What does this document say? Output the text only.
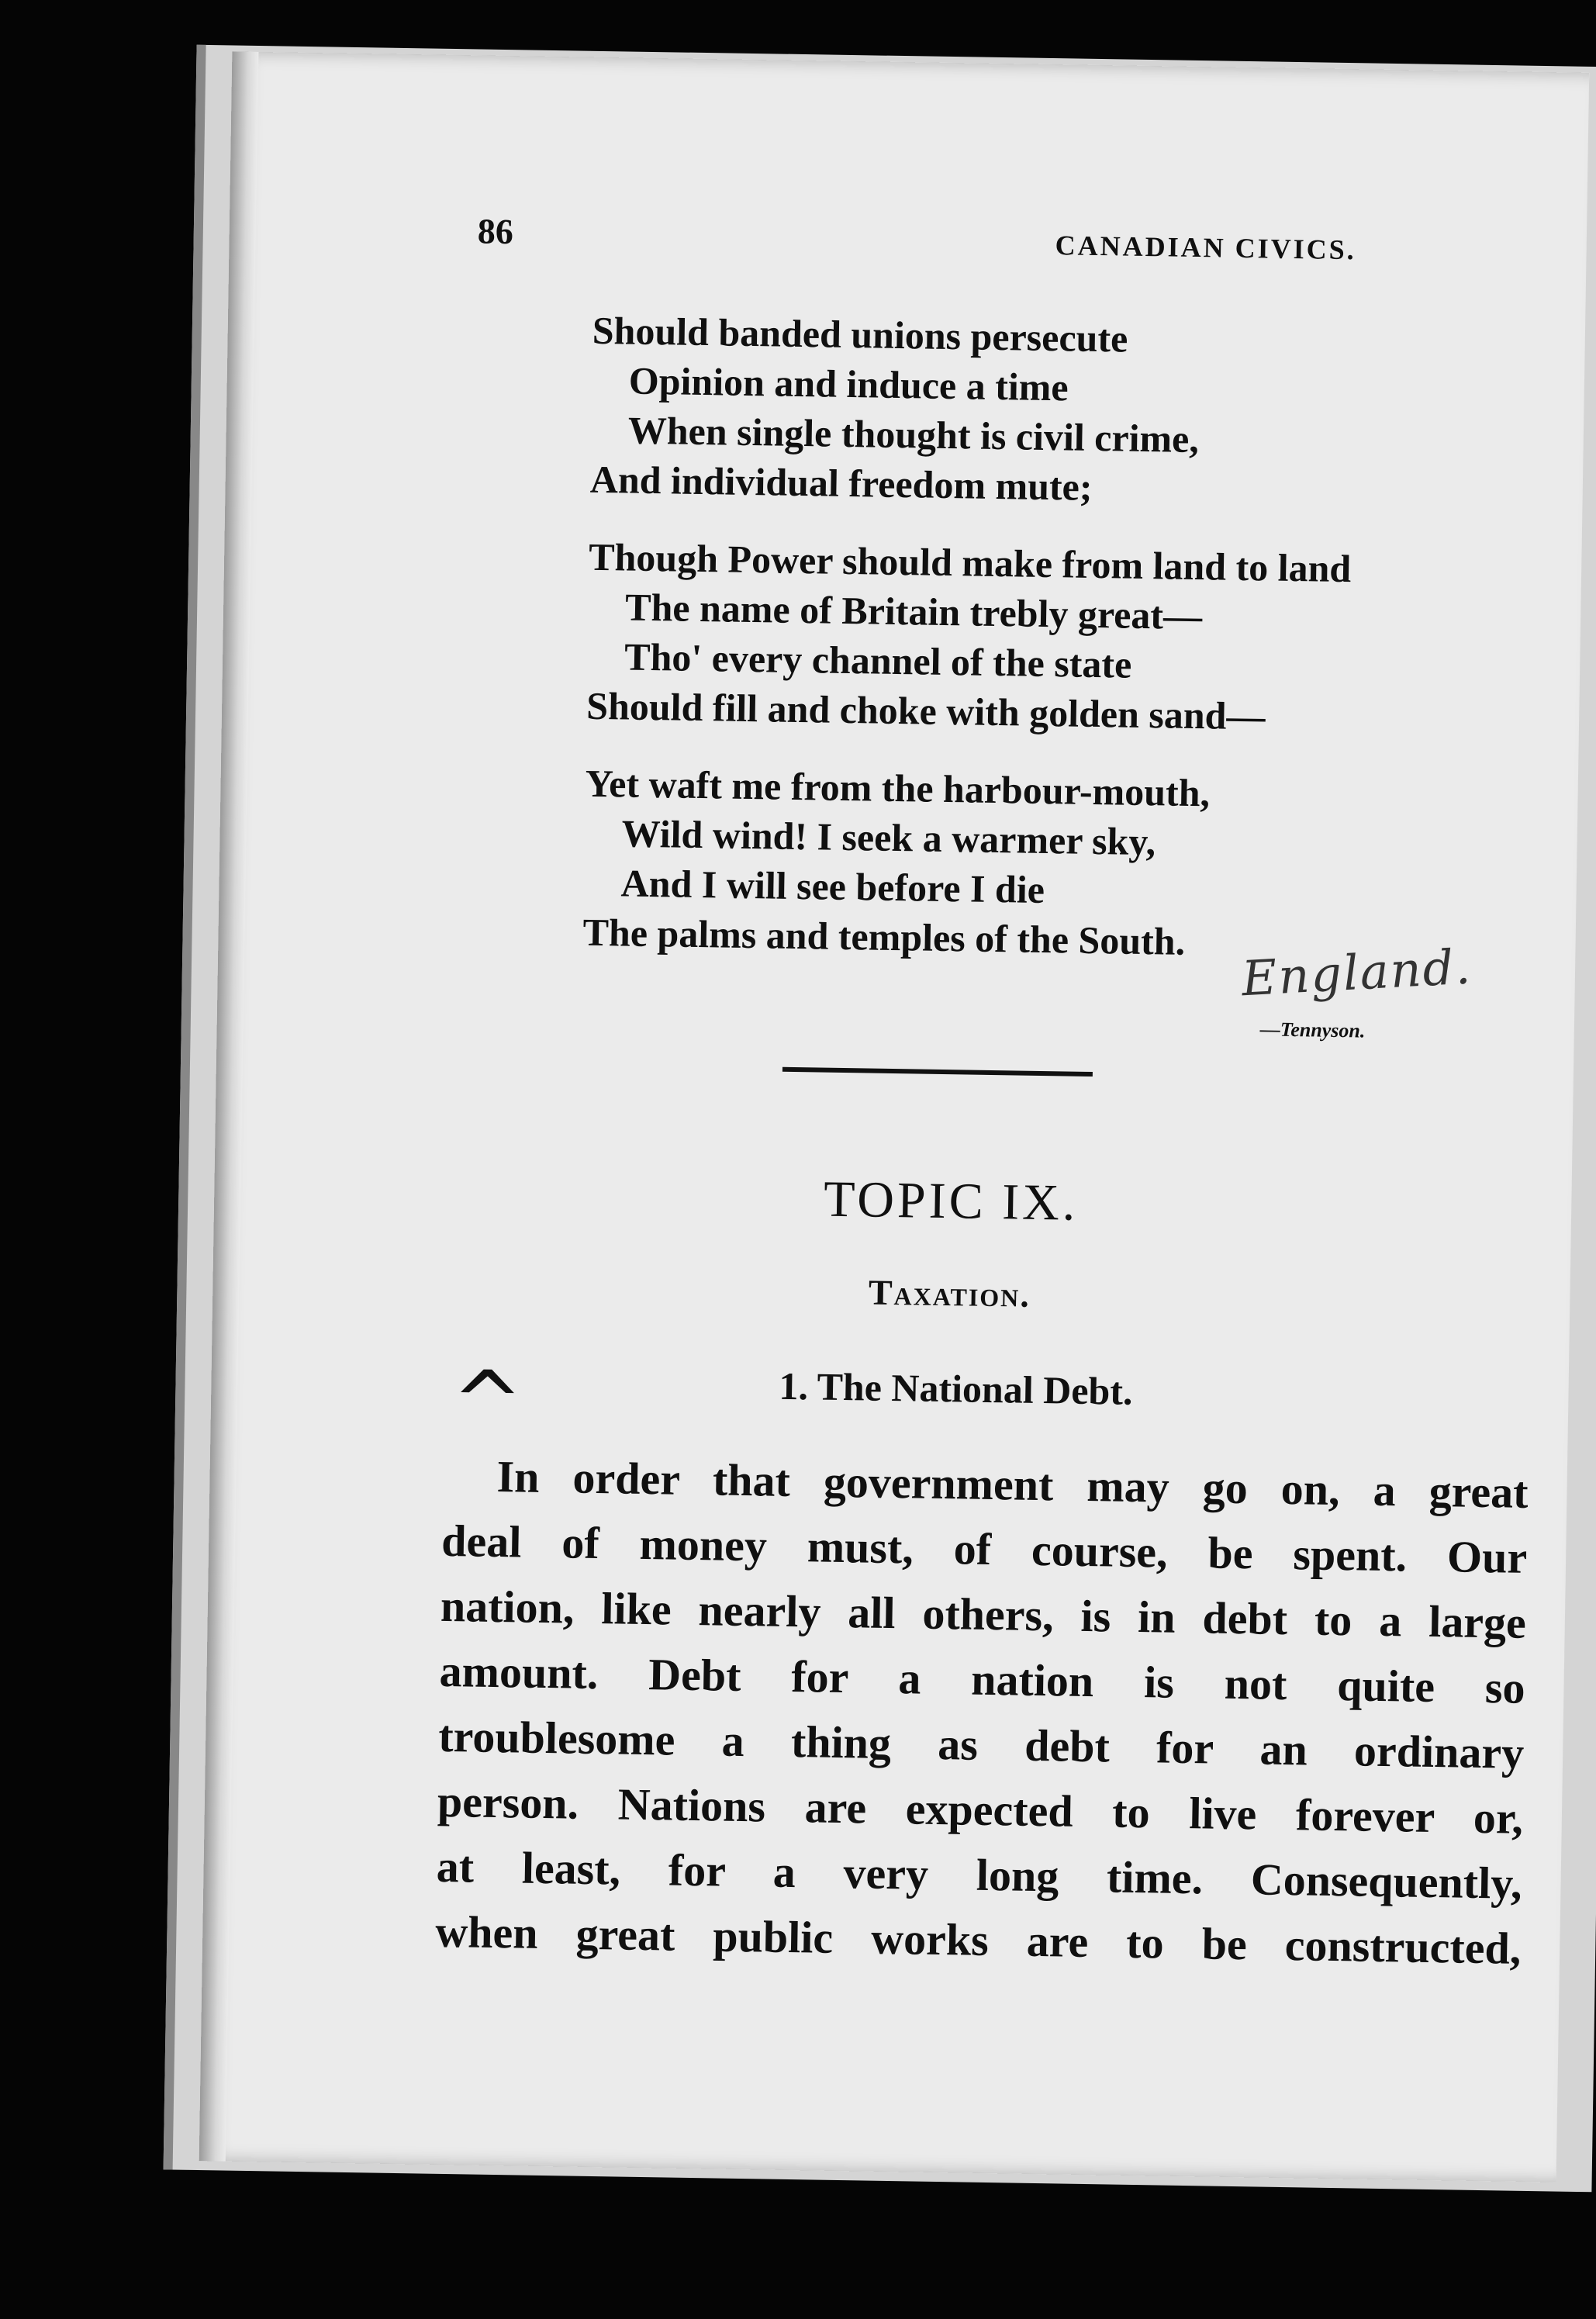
86	CANADIAN CIVICS.
Should banded unions persecute
Opinion and induce a time
When single thought is civil crime,
And individual freedom mute;
Though Power should make from land to land
The name of Britain trebly great—
Tho' every channel of the state
Should fill and choke with golden sand—
Yet waft me from the harbour-mouth,
Wild wind! I seek a warmer sky,
And I will see before I die
The palms and temples of the South.
England.
—Tennyson.
TOPIC IX.
Taxation.
^	1. The National Debt.
In order that government may go on, a great
deal of money must, of course, be spent. Our
nation, like nearly all others, is in debt to a large
amount. Debt for a nation is not quite so
troublesome a thing as debt for an ordinary
person. Nations are expected to live forever or,
at least, for a very long time. Consequently,
when great public works are to be constructed,
